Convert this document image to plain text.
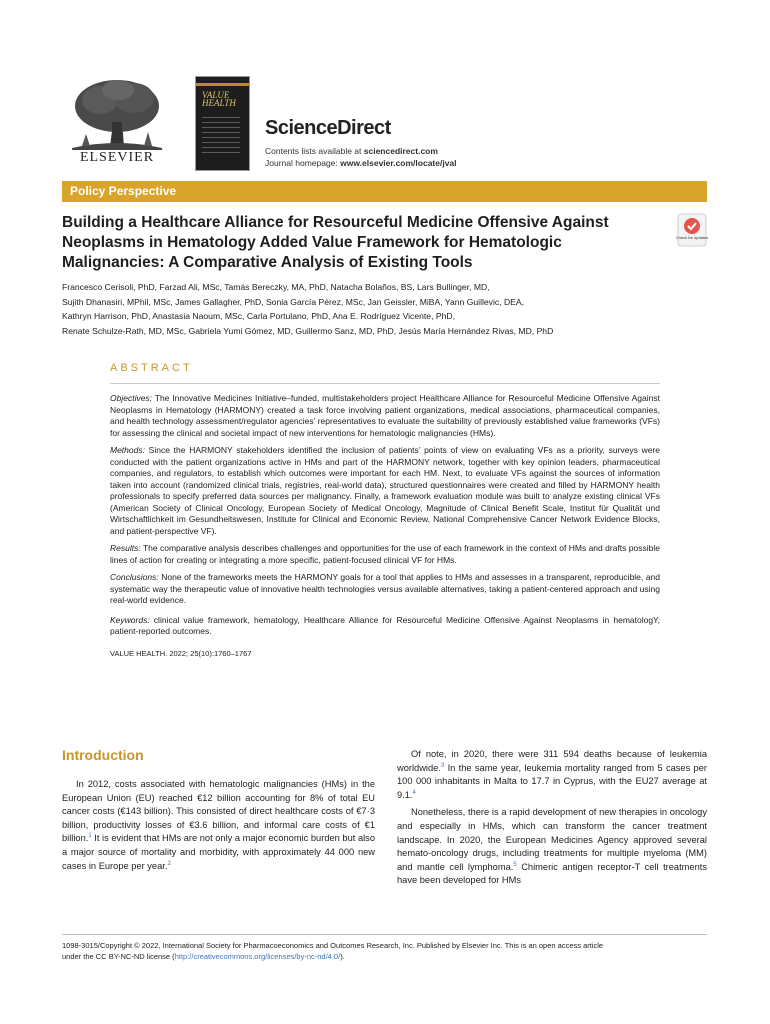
ELSEVIER
VALUE HEALTH
ScienceDirect
Contents lists available at sciencedirect.com
Journal homepage: www.elsevier.com/locate/jval
Policy Perspective
Building a Healthcare Alliance for Resourceful Medicine Offensive Against Neoplasms in Hematology Added Value Framework for Hematologic Malignancies: A Comparative Analysis of Existing Tools
Check for updates
Francesco Cerisoli, PhD, Farzad Ali, MSc, Tamás Bereczky, MA, PhD, Natacha Bolaños, BS, Lars Bullinger, MD,
Sujith Dhanasiri, MPhil, MSc, James Gallagher, PhD, Sonia García Pérez, MSc, Jan Geissler, MiBA, Yann Guillevic, DEA,
Kathryn Harrison, PhD, Anastasia Naoum, MSc, Carla Portulano, PhD, Ana E. Rodríguez Vicente, PhD,
Renate Schulze-Rath, MD, MSc, Gabriela Yumi Gómez, MD, Guillermo Sanz, MD, PhD, Jesús María Hernández Rivas, MD, PhD
ABSTRACT

Objectives: The Innovative Medicines Initiative–funded, multistakeholders project Healthcare Alliance for Resourceful Medicine Offensive Against Neoplasms in Hematology (HARMONY) created a task force involving patient organizations, medical associations, pharmaceutical companies, and health technology assessment/regulator agencies’ representatives to evaluate the suitability of previously established value frameworks (VFs) for assessing the clinical and societal impact of new interventions for hematologic malignancies (HMs).

Methods: Since the HARMONY stakeholders identified the inclusion of patients’ points of view on evaluating VFs as a priority, surveys were conducted with the patient organizations active in HMs and part of the HARMONY network, together with key opinion leaders, pharmaceutical companies, and regulators, to establish which outcomes were important for each HM. Next, to evaluate VFs against the sources of information taken into account (randomized clinical trials, registries, real-world data), structured questionnaires were created and filled by HARMONY health professionals to specify preferred data sources per malignancy. Finally, a framework evaluation module was built to analyze existing clinical VFs (American Society of Clinical Oncology, European Society of Medical Oncology, Magnitude of Clinical Benefit Scale, Institut für Qualität und Wirtschaftlichkeit im Gesundheitswesen, Institute for Clinical and Economic Review, National Comprehensive Cancer Network Evidence Blocks, and patient-perspective VF).

Results: The comparative analysis describes challenges and opportunities for the use of each framework in the context of HMs and drafts possible lines of action for creating or integrating a more specific, patient-focused clinical VF for HMs.

Conclusions: None of the frameworks meets the HARMONY goals for a tool that applies to HMs and assesses in a transparent, reproducible, and systematic way the therapeutic value of innovative health technologies versus available alternatives, taking a patient-centered approach and using real-world evidence.

Keywords: clinical value framework, hematology, Healthcare Alliance for Resourceful Medicine Offensive Against Neoplasms in hematologY, patient-reported outcomes.

VALUE HEALTH. 2022; 25(10):1760–1767

Introduction

In 2012, costs associated with hematologic malignancies (HMs) in the European Union (EU) reached €12 billion accounting for 8% of total EU cancer costs (€143 billion). This consisted of direct healthcare costs of €7·3 billion, productivity losses of €3.6 billion, and informal care costs of €1 billion.$^1$ It is evident that HMs are not only a major economic burden but also a major source of mortality and morbidity, with approximately 44 000 new cases in Europe per year.$^2$

Of note, in 2020, there were 311 594 deaths because of leukemia worldwide.$^3$ In the same year, leukemia mortality ranged from 5 cases per 100 000 inhabitants in Malta to 17.7 in Cyprus, with the EU27 average at 9.1.$^4$

Nonetheless, there is a rapid development of new therapies in oncology and especially in HMs, which can transform the cancer treatment landscape. In 2020, the European Medicines Agency approved several hemato-oncology drugs, including treatments for multiple myeloma (MM) and mantle cell lymphoma.$^5$ Chimeric antigen receptor-T cell treatments have been developed for HMs

1098-3015/Copyright © 2022, International Society for Pharmacoeconomics and Outcomes Research, Inc. Published by Elsevier Inc. This is an open access article
under the CC BY-NC-ND license (http://creativecommons.org/licenses/by-nc-nd/4.0/).
